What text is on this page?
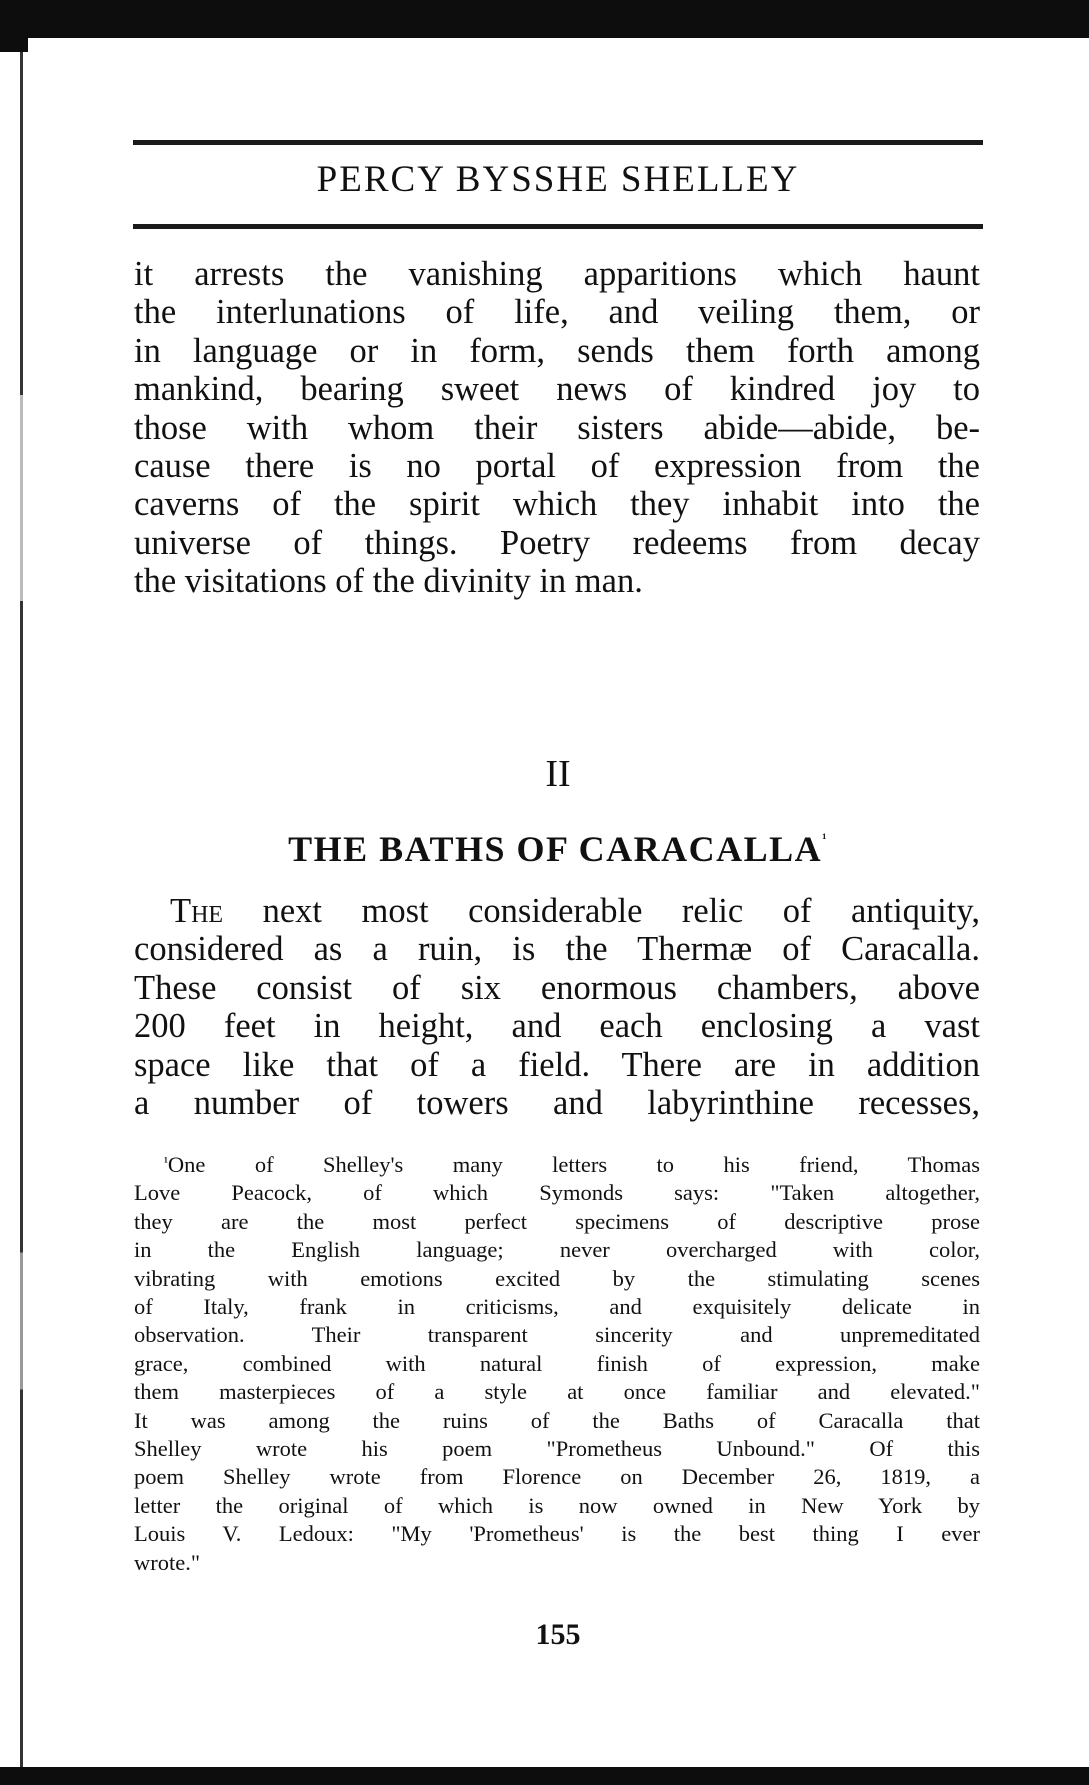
PERCY BYSSHE SHELLEY
it arrests the vanishing apparitions which haunt
the interlunations of life, and veiling them, or
in language or in form, sends them forth among
mankind, bearing sweet news of kindred joy to
those with whom their sisters abide—abide, be-
cause there is no portal of expression from the
caverns of the spirit which they inhabit into the
universe of things. Poetry redeems from decay
the visitations of the divinity in man.
II
THE BATHS OF $CARACALLA^{^1}$
The next most considerable relic of antiquity,
considered as a ruin, is the Thermæ of Caracalla.
These consist of six enormous chambers, above
200 feet in height, and each enclosing a vast
space like that of a field. There are in addition
a number of towers and labyrinthine recesses,
$^{^1}$One of Shelley's many letters to his friend, Thomas
Love Peacock, of which Symonds says: "Taken altogether,
they are the most perfect specimens of descriptive prose
in the English language; never overcharged with color,
vibrating with emotions excited by the stimulating scenes
of Italy, frank in criticisms, and exquisitely delicate in
observation. Their transparent sincerity and unpremeditated
grace, combined with natural finish of expression, make
them masterpieces of a style at once familiar and elevated."
It was among the ruins of the Baths of Caracalla that
Shelley wrote his poem "Prometheus Unbound." Of this
poem Shelley wrote from Florence on December 26, 1819, a
letter the original of which is now owned in New York by
Louis V. Ledoux: "My 'Prometheus' is the best thing I ever
wrote."
155
